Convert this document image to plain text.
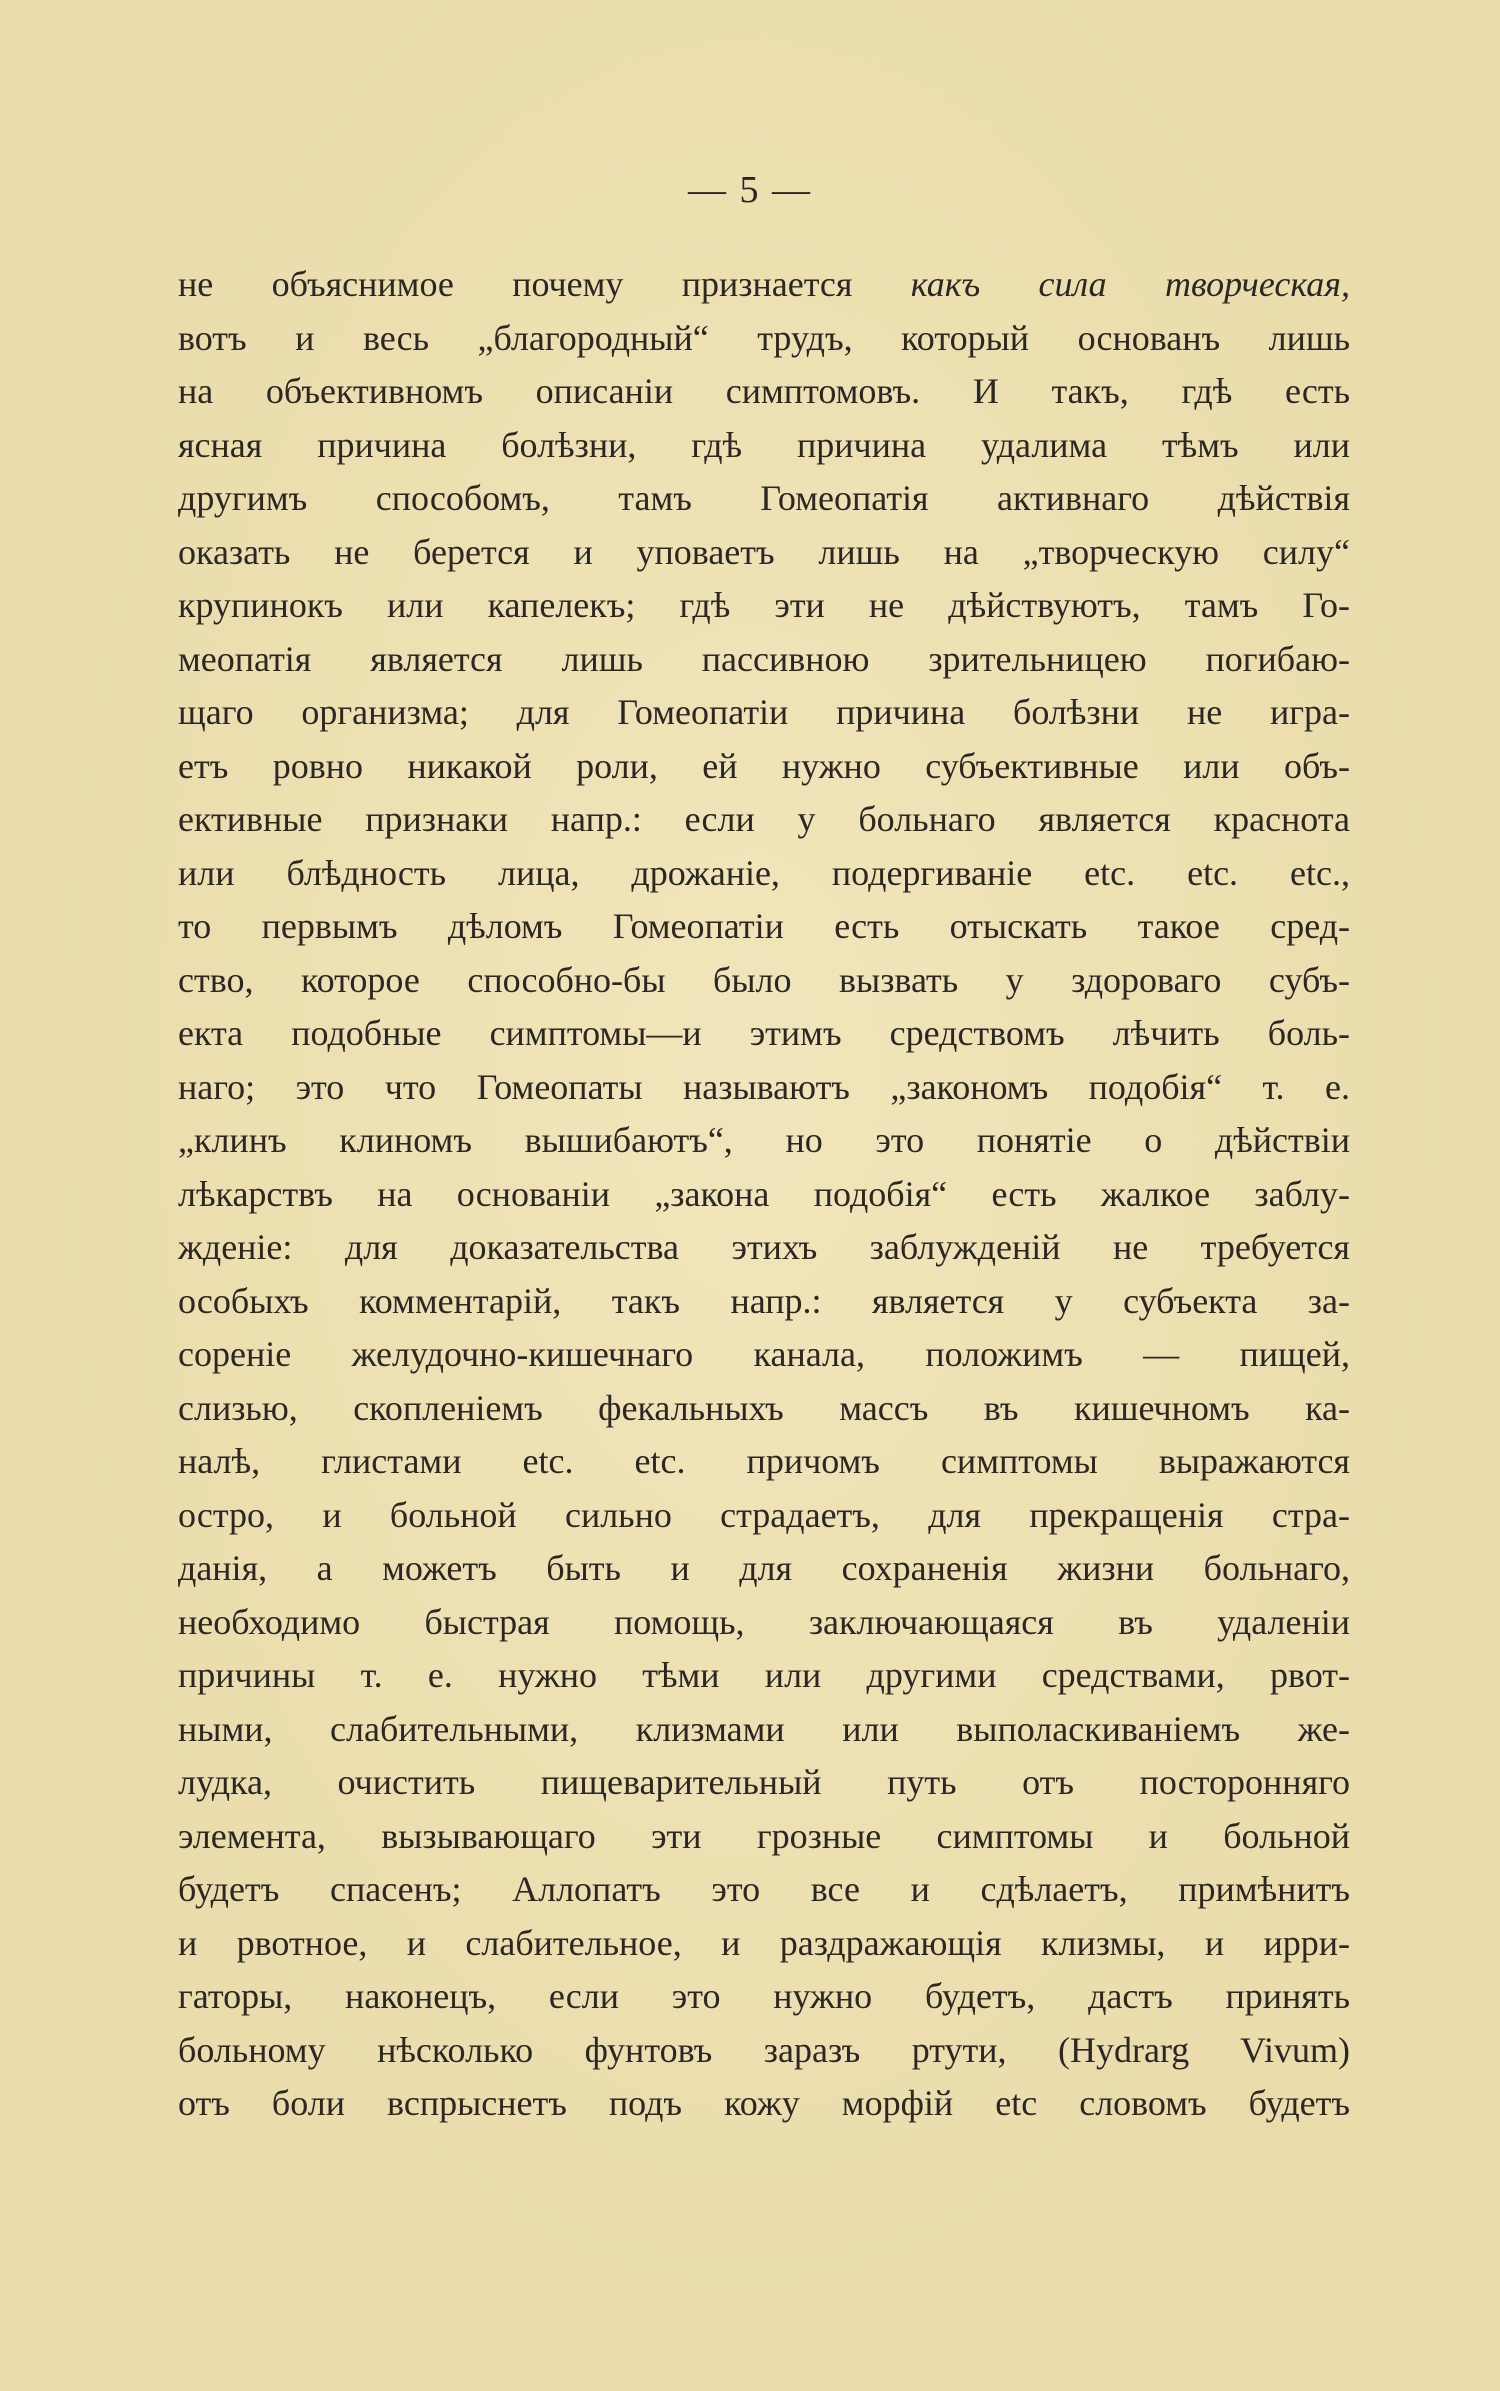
— 5 —
не объяснимое почему признается какъ сила творческая,
вотъ и весь „благородный“ трудъ, который основанъ лишь
на объективномъ описанiи симптомовъ. И такъ, гдѣ есть
ясная причина болѣзни, гдѣ причина удалима тѣмъ или
другимъ способомъ, тамъ Гомеопатiя активнаго дѣйствiя
оказать не берется и уповаетъ лишь на „творческую силу“
крупинокъ или капелекъ; гдѣ эти не дѣйствуютъ, тамъ Го-
меопатiя является лишь пассивною зрительницею погибаю-
щаго организма; для Гомеопатiи причина болѣзни не игра-
етъ ровно никакой роли, ей нужно субъективные или объ-
ективные признаки напр.: если у больнаго является краснота
или блѣдность лица, дрожанiе, подергиванiе etc. etc. etc.,
то первымъ дѣломъ Гомеопатiи есть отыскать такое сред-
ство, которое способно-бы было вызвать у здороваго субъ-
екта подобные симптомы—и этимъ средствомъ лѣчить боль-
наго; это что Гомеопаты называютъ „закономъ подобiя“ т. е.
„клинъ клиномъ вышибаютъ“, но это понятiе о дѣйствiи
лѣкарствъ на основанiи „закона подобiя“ есть жалкое заблу-
жденiе: для доказательства этихъ заблужденiй не требуется
особыхъ комментарiй, такъ напр.: является у субъекта за-
соренiе желудочно-кишечнаго канала, положимъ — пищей,
слизью, скопленiемъ фекальныхъ массъ въ кишечномъ ка-
налѣ, глистами etc. etc. причомъ симптомы выражаются
остро, и больной сильно страдаетъ, для прекращенiя стра-
данiя, а можетъ быть и для сохраненiя жизни больнаго,
необходимо быстрая помощь, заключающаяся въ удаленiи
причины т. е. нужно тѣми или другими средствами, рвот-
ными, слабительными, клизмами или выполаскиванiемъ же-
лудка, очистить пищеварительный путь отъ посторонняго
элемента, вызывающаго эти грозные симптомы и больной
будетъ спасенъ; Аллопатъ это все и сдѣлаетъ, примѣнитъ
и рвотное, и слабительное, и раздражающiя клизмы, и ирри-
гаторы, наконецъ, если это нужно будетъ, дастъ принять
больному нѣсколько фунтовъ заразъ ртути, (Hydrarg Vivum)
отъ боли вспрыснетъ подъ кожу морфiй etc словомъ будетъ
